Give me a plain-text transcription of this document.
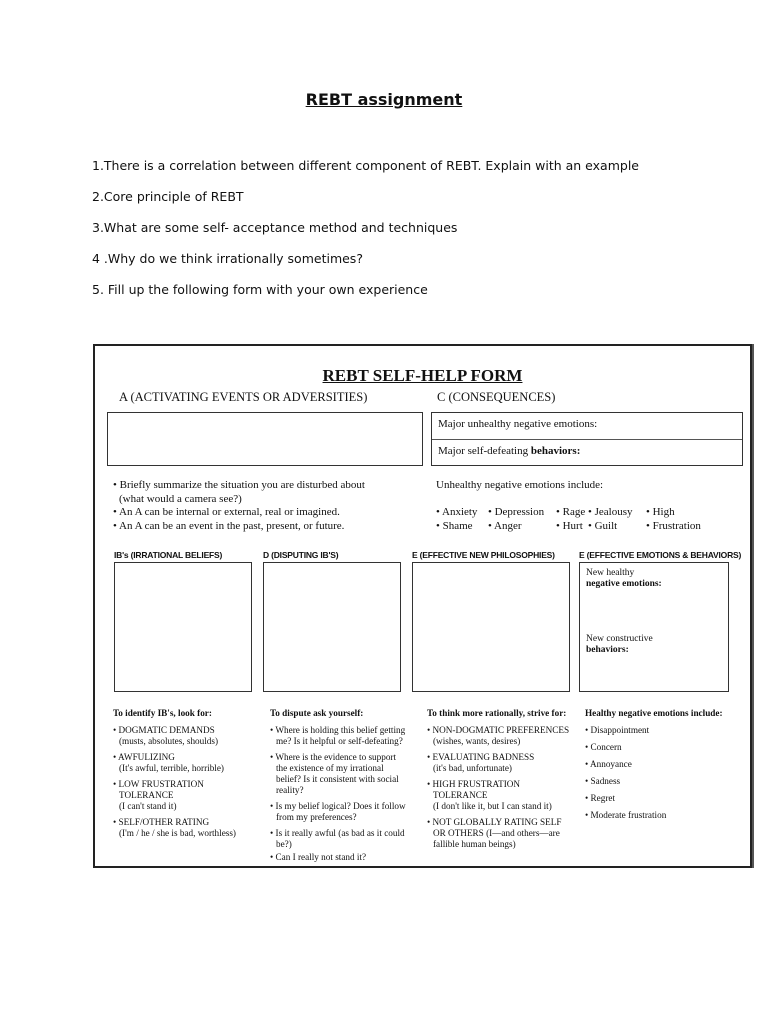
REBT assignment
1.There is a correlation between different component of REBT. Explain with an example
2.Core principle of REBT
3.What are some self- acceptance method and techniques
4 .Why do we think irrationally sometimes?
5. Fill up the following form with your own experience
REBT SELF-HELP FORM
A (ACTIVATING EVENTS OR ADVERSITIES)	C (CONSEQUENCES)
Major unhealthy negative emotions:
Major self-defeating behaviors:
• Briefly summarize the situation you are disturbed about
(what would a camera see?)
• An A can be internal or external, real or imagined.
• An A can be an event in the past, present, or future.
Unhealthy negative emotions include:
• Anxiety • Depression	• Rage • Jealousy	• High
• Shame	• Anger	• Hurt • Guilt	• Frustration
IB's (IRRATIONAL BELIEFS)	D (DISPUTING IB'S)	E (EFFECTIVE NEW PHILOSOPHIES)	E (EFFECTIVE EMOTIONS & BEHAVIORS)
New healthy
negative emotions:
New constructive
behaviors:
To identify IB's, look for:
• DOGMATIC DEMANDS
(musts, absolutes, shoulds)
• AWFULIZING
(It's awful, terrible, horrible)
• LOW FRUSTRATION
TOLERANCE
(I can't stand it)
• SELF/OTHER RATING
(I'm / he / she is bad, worthless)
To dispute ask yourself:
• Where is holding this belief getting
me? Is it helpful or self-defeating?
• Where is the evidence to support
the existence of my irrational
belief? Is it consistent with social
reality?
• Is my belief logical? Does it follow
from my preferences?
• Is it really awful (as bad as it could
be?)
• Can I really not stand it?
To think more rationally, strive for:
• NON-DOGMATIC PREFERENCES
(wishes, wants, desires)
• EVALUATING BADNESS
(it's bad, unfortunate)
• HIGH FRUSTRATION
TOLERANCE
(I don't like it, but I can stand it)
• NOT GLOBALLY RATING SELF
OR OTHERS (I—and others—are
fallible human beings)
Healthy negative emotions include:
• Disappointment
• Concern
• Annoyance
• Sadness
• Regret
• Moderate frustration
